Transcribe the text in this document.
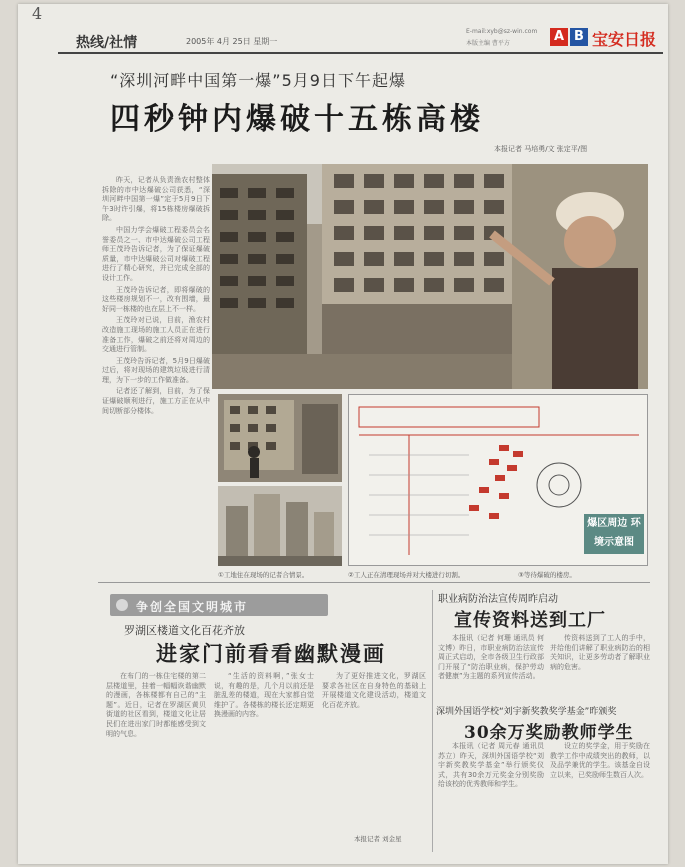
4
热线/社情	2005年 4月 25日 星期一
E-mail:xyb@sz-win.com
本版主编 曹平方	A B 宝安日报
“深圳河畔中国第一爆”5月9日下午起爆
四秒钟内爆破十五栋高楼
本报记者 马培勇/文 张定平/图

昨天，记者从负责渔农村整体拆除的市中达爆破公司获悉，“深圳河畔中国第一爆”定于5月9日下午3时许引爆，将15栋楼房爆破拆除。

中国力学会爆破工程委员会名誉委员之一、市中达爆破公司工程师王茂玲告诉记者，为了保证爆破质量，市中达爆破公司对爆破工程进行了精心研究，并已完成全部的设计工作。

王茂玲告诉记者，即将爆破的这些楼房规划不一，改有围墙，最好同一栋楼的也在层上不一样。

王茂玲对已说，目前，渔农村改造施工现场的施工人员正在进行准备工作，爆破之前还将对周边的交通进行管制。

王茂玲告诉记者，5月9日爆破过后，将对现场的建筑垃圾进行清理，为下一步的工作做准备。

记者还了解到，目前，为了保证爆破顺利进行，施工方正在从中间切断部分楼体。

爆区周边 环境示意图
①工地住在现场的记者合情景。	②工人正在清理现场并对大楼进行切割。	③等待爆破的楼房。
争创全国文明城市
罗湖区楼道文化百花齐放
进家门前看看幽默漫画

在布门的一栋住宅楼的第二层楼道里，挂着一幅幅诙谐幽默的漫画，各栋楼都有自己的“主题”。近日，记者在罗湖区黄贝街道的社区看到，楼道文化让居民们在进出家门时都能感受到文明的气息。

“生活的资料啊，”张女士说，有趣的是，几个月以前还是脏乱差的楼道，现在大家都自觉维护了。各楼栋的楼长还定期更换漫画的内容。

为了更好推进文化，罗湖区要求各社区在自身特色的基础上开展楼道文化建设活动，楼道文化百花齐放。

本报记者 刘金星
职业病防治法宣传周昨启动
宣传资料送到工厂

本报讯（记者 何珊 通讯员 何文博）昨日，市职业病防治法宣传周正式启动，全市各级卫生行政部门开展了“防治职业病，保护劳动者健康”为主题的系列宣传活动。

传资料送到了工人的手中，并给他们讲解了职业病防治的相关知识，让更多劳动者了解职业病的危害。

深圳外国语学校“刘宇新奖教奖学基金”昨颁奖
30余万奖励教师学生

本报讯（记者 周元春 通讯员 苏立）昨天，深圳外国语学校“刘宇新奖教奖学基金”举行颁奖仪式，共有30余万元奖金分别奖励给该校的优秀教师和学生。

设立的奖学金，用于奖励在教学工作中成绩突出的教师，以及品学兼优的学生。该基金自设立以来，已奖励师生数百人次。
